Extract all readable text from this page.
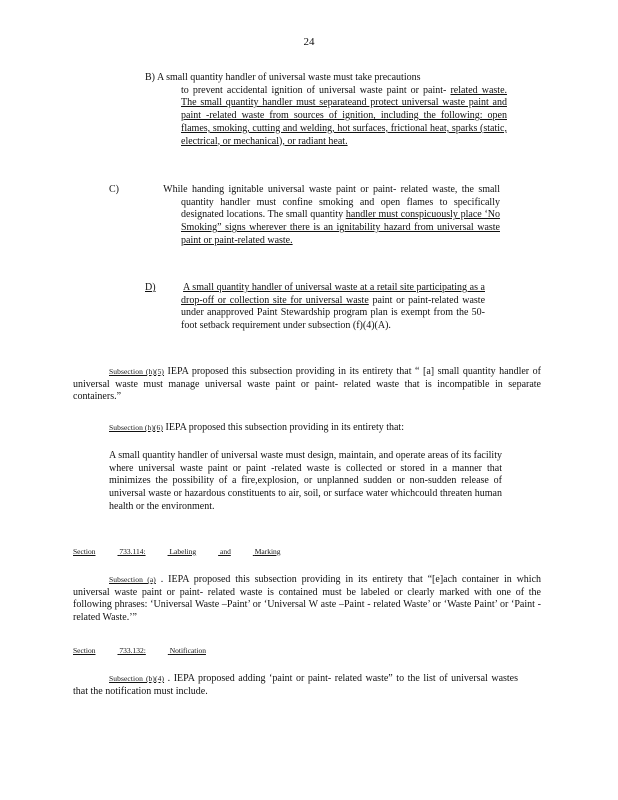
24
B) A small quantity handler of universal waste must take precautions
to prevent accidental ignition of universal waste paint or paint- related waste. The small quantity handler must separateand protect universal waste paint and paint -related waste from sources of ignition, including the following: open flames, smoking, cutting and welding, hot surfaces, frictional heat, sparks (static, electrical, or mechanical), or radiant heat.
C)	While handing ignitable universal waste paint or paint- related waste, the small quantity handler must confine smoking and open flames to specifically designated locations. The small quantity handler must conspicuously place ‘No Smoking” signs wherever there is an ignitability hazard from universal waste paint or paint-related waste.
D)	A small quantity handler of universal waste at a retail site participating as a drop-off or collection site for universal waste paint or paint-related waste under anapproved Paint Stewardship program plan is exempt from the 50-foot setback requirement under subsection (f)(4)(A).
Subsection (h)(5) IEPA proposed this subsection providing in its entirety that “ [a] small quantity handler of universal waste must manage universal waste paint or paint- related waste that is incompatible in separate containers.”
Subsection (h)(6) IEPA proposed this subsection providing in its entirety that:
A small quantity handler of universal waste must design, maintain, and operate areas of its facility where universal waste paint or paint -related waste is collected or stored in a manner that minimizes the possibility of a fire,explosion, or unplanned sudden or non-sudden release of universal waste or hazardous constituents to air, soil, or surface water whichcould threaten human health or the environment.
Section	733.114:	Labeling	and	Marking
Subsection (a) . IEPA proposed this subsection providing in its entirety that “[e]ach container in which universal waste paint or paint- related waste is contained must be labeled or clearly marked with one of the following phrases: ‘Universal Waste –Paint’ or ‘Universal W aste –Paint - related Waste’ or ‘Waste Paint’ or ‘Paint - related Waste.’”
Section	733.132:	Notification
Subsection (b)(4) . IEPA proposed adding ‘paint or paint- related waste” to the list of universal wastes that the notification must include.
